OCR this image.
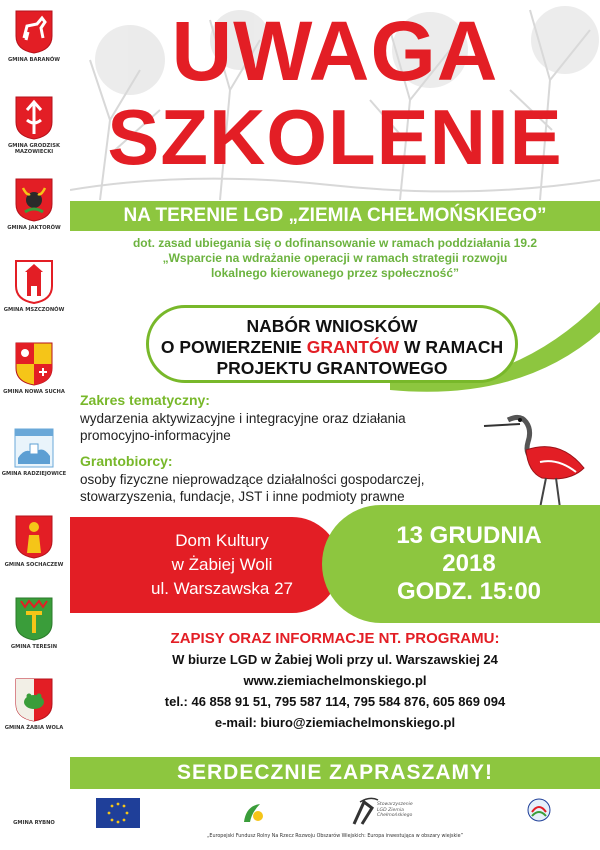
GMINA BARANÓW
GMINA GRODZISK MAZOWIECKI
GMINA JAKTORÓW
GMINA MSZCZONÓW
GMINA NOWA SUCHA
GMINA RADZIEJOWICE
GMINA SOCHACZEW
GMINA TERESIN
GMINA ŻABIA WOLA
GMINA RYBNO
UWAGA
SZKOLENIE
NA TERENIE LGD „ZIEMIA CHEŁMOŃSKIEGO”
dot. zasad ubiegania się o dofinansowanie w ramach poddziałania 19.2
„Wsparcie na wdrażanie operacji w ramach strategii rozwoju
lokalnego kierowanego przez społeczność”
NABÓR WNIOSKÓW
O POWIERZENIE GRANTÓW W RAMACH
PROJEKTU GRANTOWEGO
Zakres tematyczny:
wydarzenia aktywizacyjne i integracyjne oraz działania
promocyjno-informacyjne
Grantobiorcy:
osoby fizyczne nieprowadzące działalności gospodarczej,
stowarzyszenia, fundacje, JST i inne podmioty prawne
Dom Kultury
w Żabiej Woli
ul. Warszawska 27
13 GRUDNIA
2018
GODZ. 15:00
ZAPISY ORAZ INFORMACJE NT. PROGRAMU:
W biurze LGD w Żabiej Woli przy ul. Warszawskiej 24
www.ziemiachelmonskiego.pl
tel.: 46 858 91 51, 795 587 114, 795 584 876, 605 869 094
e-mail: biuro@ziemiachelmonskiego.pl
SERDECZNIE ZAPRASZAMY!
Stowarzyszenie LGD Ziemia Chełmońskiego
„Europejski Fundusz Rolny Na Rzecz Rozwoju Obszarów Wiejskich: Europa inwestująca w obszary wiejskie”
